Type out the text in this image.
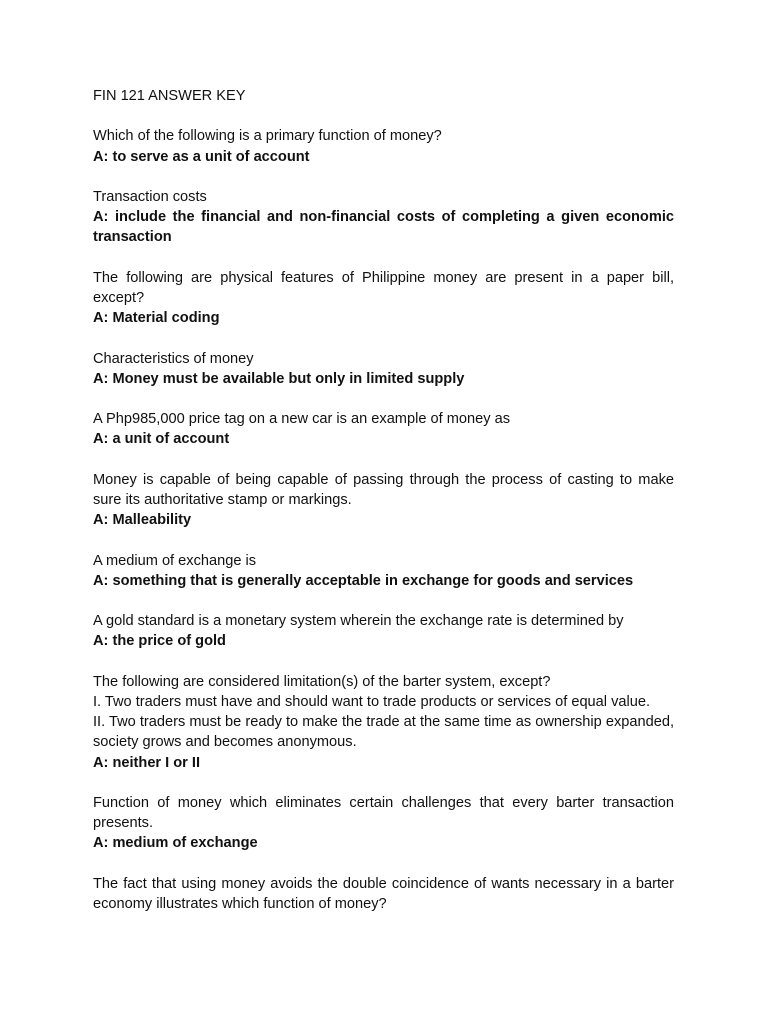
FIN 121 ANSWER KEY
Which of the following is a primary function of money?
A: to serve as a unit of account
Transaction costs
A: include the financial and non-financial costs of completing a given economic transaction
The following are physical features of Philippine money are present in a paper bill, except?
A: Material coding
Characteristics of money
A: Money must be available but only in limited supply
A Php985,000 price tag on a new car is an example of money as
A: a unit of account
Money is capable of being capable of passing through the process of casting to make sure its authoritative stamp or markings.
A: Malleability
A medium of exchange is
A: something that is generally acceptable in exchange for goods and services
A gold standard is a monetary system wherein the exchange rate is determined by
A: the price of gold
The following are considered limitation(s) of the barter system, except?
I. Two traders must have and should want to trade products or services of equal value.
II. Two traders must be ready to make the trade at the same time as ownership expanded, society grows and becomes anonymous.
A: neither I or II
Function of money which eliminates certain challenges that every barter transaction presents.
A: medium of exchange
The fact that using money avoids the double coincidence of wants necessary in a barter economy illustrates which function of money?
